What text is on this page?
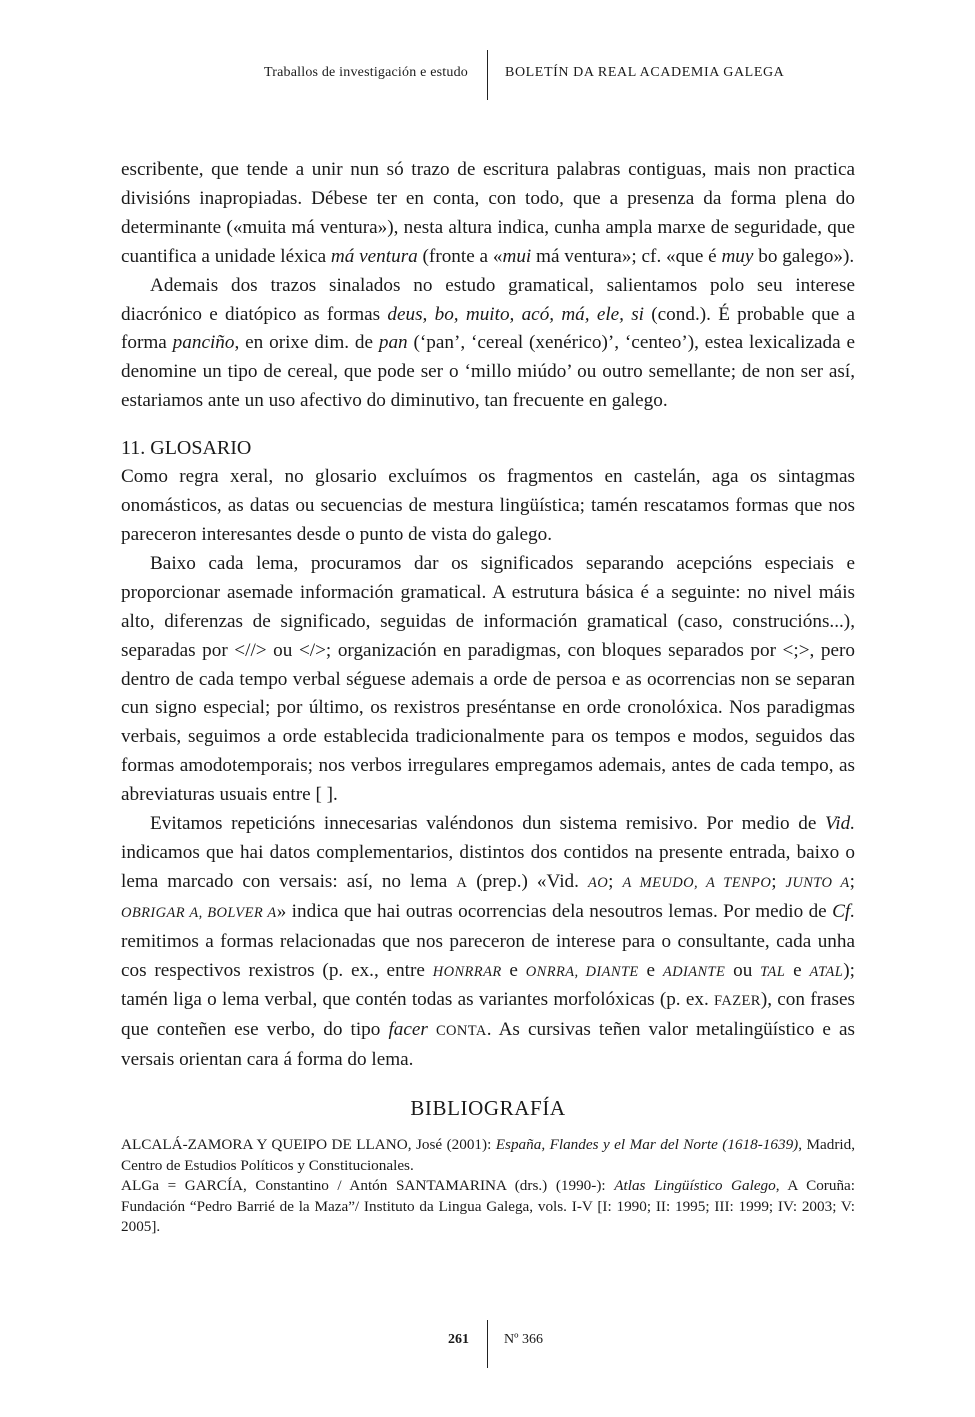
Traballos de investigación e estudo	BOLETÍN DA REAL ACADEMIA GALEGA

escribente, que tende a unir nun só trazo de escritura palabras contiguas, mais non practica divisións inapropiadas. Débese ter en conta, con todo, que a presenza da forma plena do determinante («muita má ventura»), nesta altura indica, cunha ampla marxe de seguridade, que cuantifica a unidade léxica má ventura (fronte a «mui má ventura»; cf. «que é muy bo galego»).

Ademais dos trazos sinalados no estudo gramatical, salientamos polo seu interese diacrónico e diatópico as formas deus, bo, muito, acó, má, ele, si (cond.). É probable que a forma panciño, en orixe dim. de pan (‘pan’, ‘cereal (xenérico)’, ‘centeo’), estea lexicalizada e denomine un tipo de cereal, que pode ser o ‘millo miúdo’ ou outro semellante; de non ser así, estariamos ante un uso afectivo do diminutivo, tan frecuente en galego.

11. GLOSARIO

Como regra xeral, no glosario excluímos os fragmentos en castelán, aga os sintagmas onomásticos, as datas ou secuencias de mestura lingüística; tamén rescatamos formas que nos pareceron interesantes desde o punto de vista do galego.

Baixo cada lema, procuramos dar os significados separando acepcións especiais e proporcionar asemade información gramatical. A estrutura básica é a seguinte: no nivel máis alto, diferenzas de significado, seguidas de información gramatical (caso, construcións...), separadas por <//> ou </>; organización en paradigmas, con bloques separados por <;>, pero dentro de cada tempo verbal séguese ademais a orde de persoa e as ocorrencias non se separan cun signo especial; por último, os rexistros preséntanse en orde cronolóxica. Nos paradigmas verbais, seguimos a orde establecida tradicionalmente para os tempos e modos, seguidos das formas amodotemporais; nos verbos irregulares empregamos ademais, antes de cada tempo, as abreviaturas usuais entre [ ].

Evitamos repeticións innecesarias valéndonos dun sistema remisivo. Por medio de Vid. indicamos que hai datos complementarios, distintos dos contidos na presente entrada, baixo o lema marcado con versais: así, no lema A (prep.) «Vid. AO; A MEUDO, A TENPO; JUNTO A; OBRIGAR A, BOLVER A» indica que hai outras ocorrencias dela nesoutros lemas. Por medio de Cf. remitimos a formas relacionadas que nos pareceron de interese para o consultante, cada unha cos respectivos rexistros (p. ex., entre HONRRAR e ONRRA, DIANTE e ADIANTE ou TAL e ATAL); tamén liga o lema verbal, que contén todas as variantes morfolóxicas (p. ex. FAZER), con frases que conteñen ese verbo, do tipo facer CONTA. As cursivas teñen valor metalingüístico e as versais orientan cara á forma do lema.

BIBLIOGRAFÍA

ALCALÁ-ZAMORA Y QUEIPO DE LLANO, José (2001): España, Flandes y el Mar del Norte (1618-1639), Madrid, Centro de Estudios Políticos y Constitucionales.

ALGa = GARCÍA, Constantino / Antón SANTAMARINA (drs.) (1990-): Atlas Lingüístico Galego, A Coruña: Fundación “Pedro Barrié de la Maza”/ Instituto da Lingua Galega, vols. I-V [I: 1990; II: 1995; III: 1999; IV: 2003; V: 2005].

261	Nº 366
